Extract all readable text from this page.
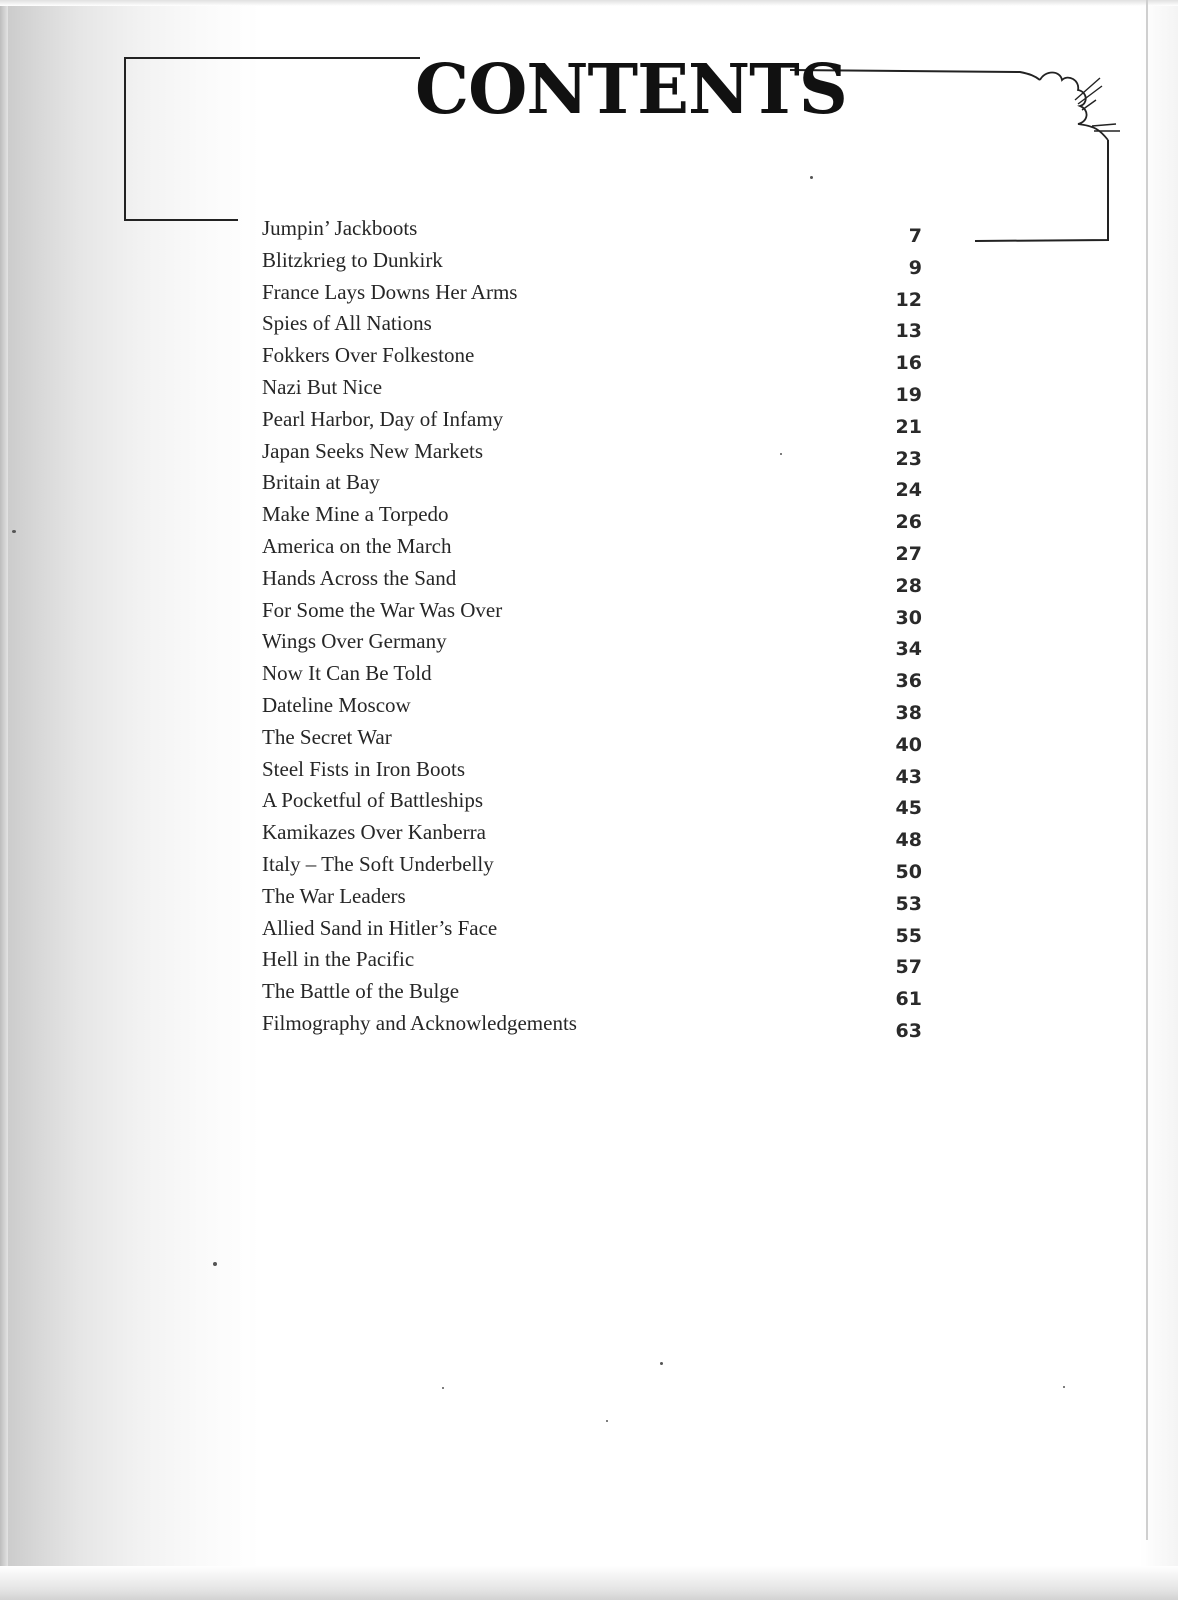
CONTENTS
Jumpin’ Jackboots	7
Blitzkrieg to Dunkirk	9
France Lays Downs Her Arms	12
Spies of All Nations	13
Fokkers Over Folkestone	16
Nazi But Nice	19
Pearl Harbor, Day of Infamy	21
Japan Seeks New Markets	23
Britain at Bay	24
Make Mine a Torpedo	26
America on the March	27
Hands Across the Sand	28
For Some the War Was Over	30
Wings Over Germany	34
Now It Can Be Told	36
Dateline Moscow	38
The Secret War	40
Steel Fists in Iron Boots	43
A Pocketful of Battleships	45
Kamikazes Over Kanberra	48
Italy – The Soft Underbelly	50
The War Leaders	53
Allied Sand in Hitler’s Face	55
Hell in the Pacific	57
The Battle of the Bulge	61
Filmography and Acknowledgements	63
